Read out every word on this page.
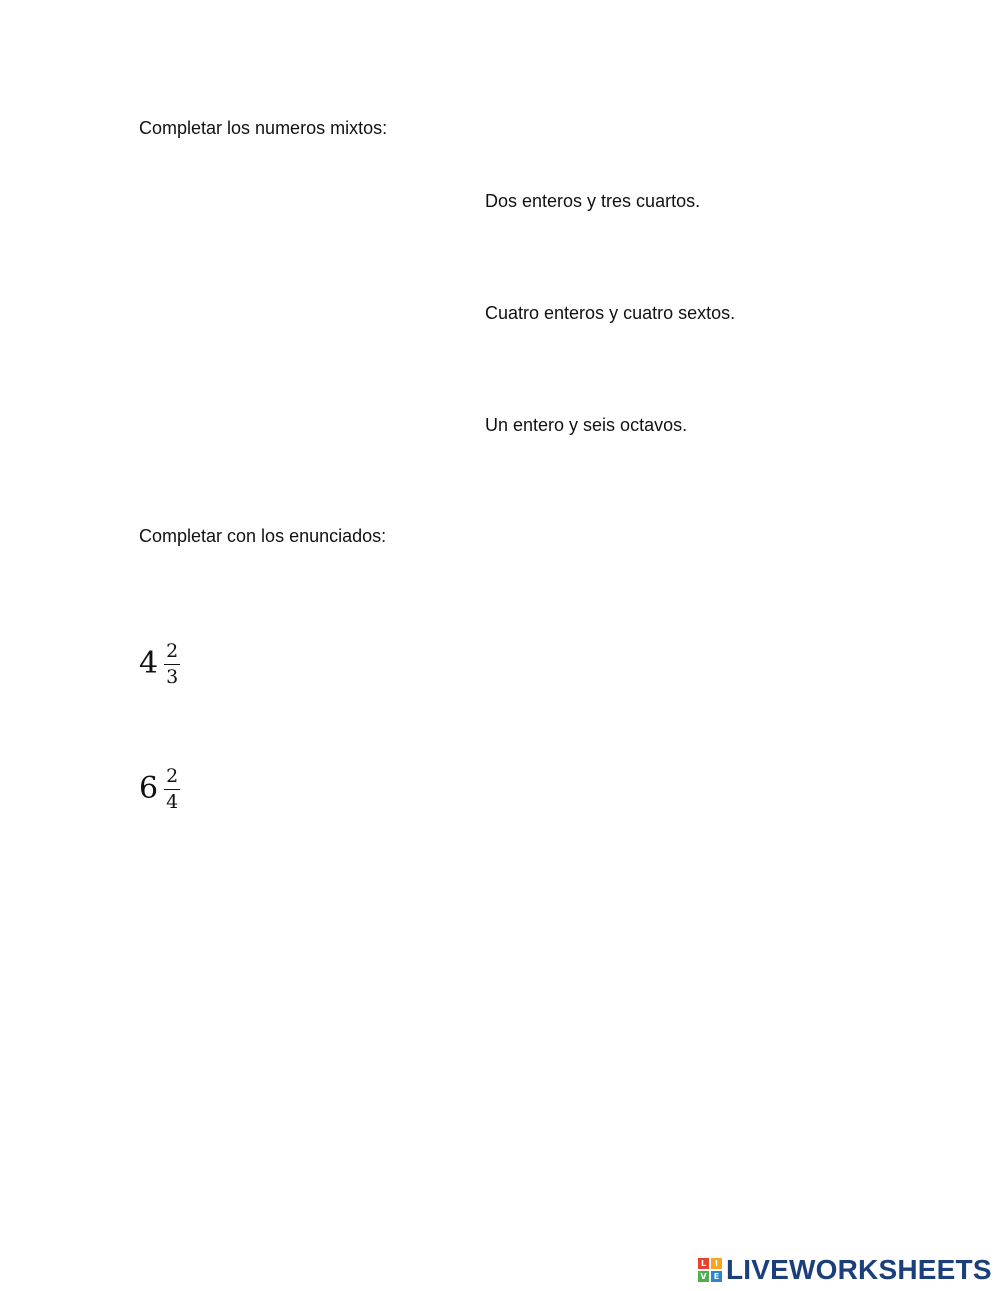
Completar los numeros mixtos:
Dos enteros y tres cuartos.
Cuatro enteros y cuatro sextos.
Un entero y seis octavos.
Completar con los enunciados:
$4 \frac{2}{3}$
$6 \frac{2}{4}$
L	I
V E LIVEWORKSHEETS
